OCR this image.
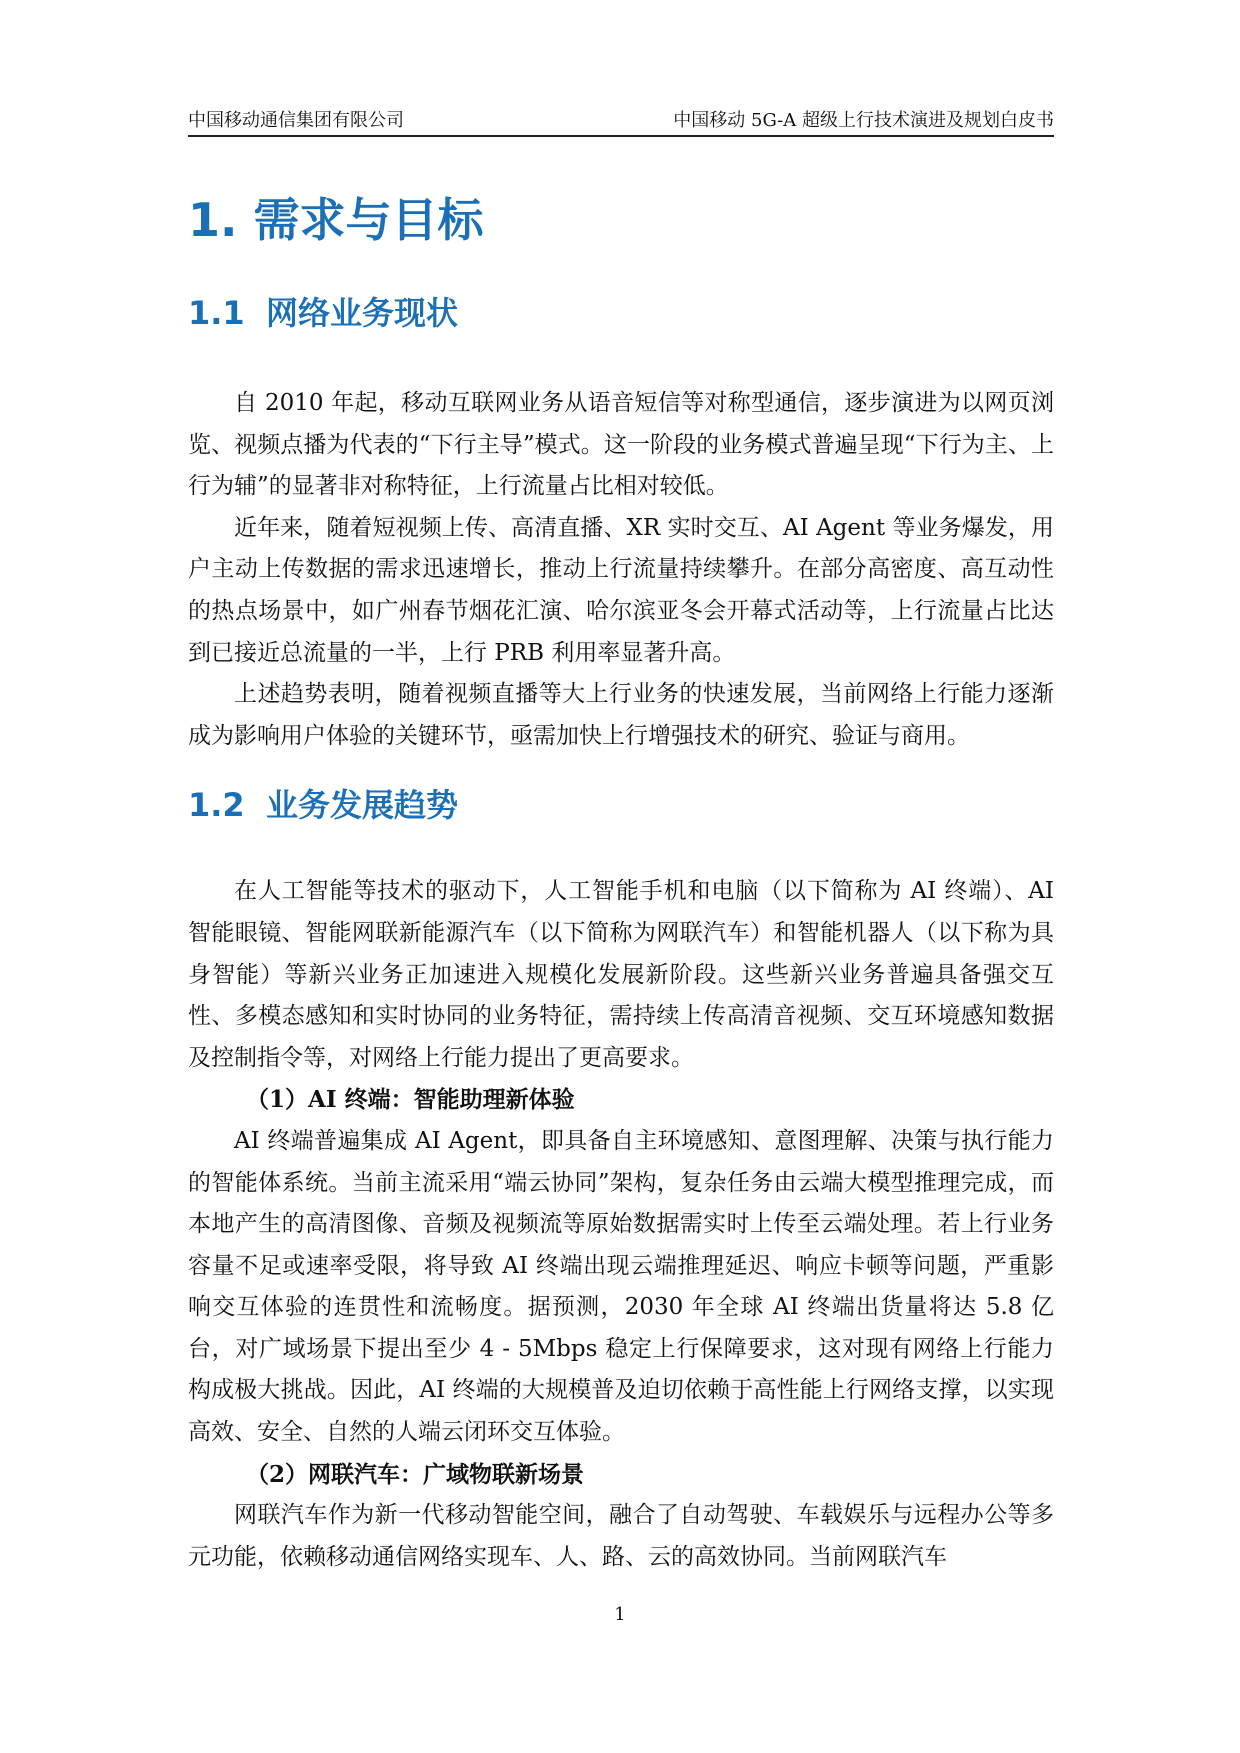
中国移动通信集团有限公司	中国移动 5G-A 超级上行技术演进及规划白皮书
1. 需求与目标
1.1 网络业务现状

自 2010 年起，移动互联网业务从语音短信等对称型通信，逐步演进为以网页浏览、视频点播为代表的“下行主导”模式。这一阶段的业务模式普遍呈现“下行为主、上行为辅”的显著非对称特征，上行流量占比相对较低。

近年来，随着短视频上传、高清直播、XR 实时交互、AI Agent 等业务爆发，用户主动上传数据的需求迅速增长，推动上行流量持续攀升。在部分高密度、高互动性的热点场景中，如广州春节烟花汇演、哈尔滨亚冬会开幕式活动等，上行流量占比达到已接近总流量的一半，上行 PRB 利用率显著升高。

上述趋势表明，随着视频直播等大上行业务的快速发展，当前网络上行能力逐渐成为影响用户体验的关键环节，亟需加快上行增强技术的研究、验证与商用。

1.2 业务发展趋势

在人工智能等技术的驱动下，人工智能手机和电脑（以下简称为 AI 终端）、AI 智能眼镜、智能网联新能源汽车（以下简称为网联汽车）和智能机器人（以下称为具身智能）等新兴业务正加速进入规模化发展新阶段。这些新兴业务普遍具备强交互性、多模态感知和实时协同的业务特征，需持续上传高清音视频、交互环境感知数据及控制指令等，对网络上行能力提出了更高要求。

（1）AI 终端：智能助理新体验

AI 终端普遍集成 AI Agent，即具备自主环境感知、意图理解、决策与执行能力的智能体系统。当前主流采用“端云协同”架构，复杂任务由云端大模型推理完成，而本地产生的高清图像、音频及视频流等原始数据需实时上传至云端处理。若上行业务容量不足或速率受限，将导致 AI 终端出现云端推理延迟、响应卡顿等问题，严重影响交互体验的连贯性和流畅度。据预测，2030 年全球 AI 终端出货量将达 5.8 亿台，对广域场景下提出至少 4 - 5Mbps 稳定上行保障要求，这对现有网络上行能力构成极大挑战。因此，AI 终端的大规模普及迫切依赖于高性能上行网络支撑，以实现高效、安全、自然的人端云闭环交互体验。

（2）网联汽车：广域物联新场景

网联汽车作为新一代移动智能空间，融合了自动驾驶、车载娱乐与远程办公等多元功能，依赖移动通信网络实现车、人、路、云的高效协同。当前网联汽车

1
